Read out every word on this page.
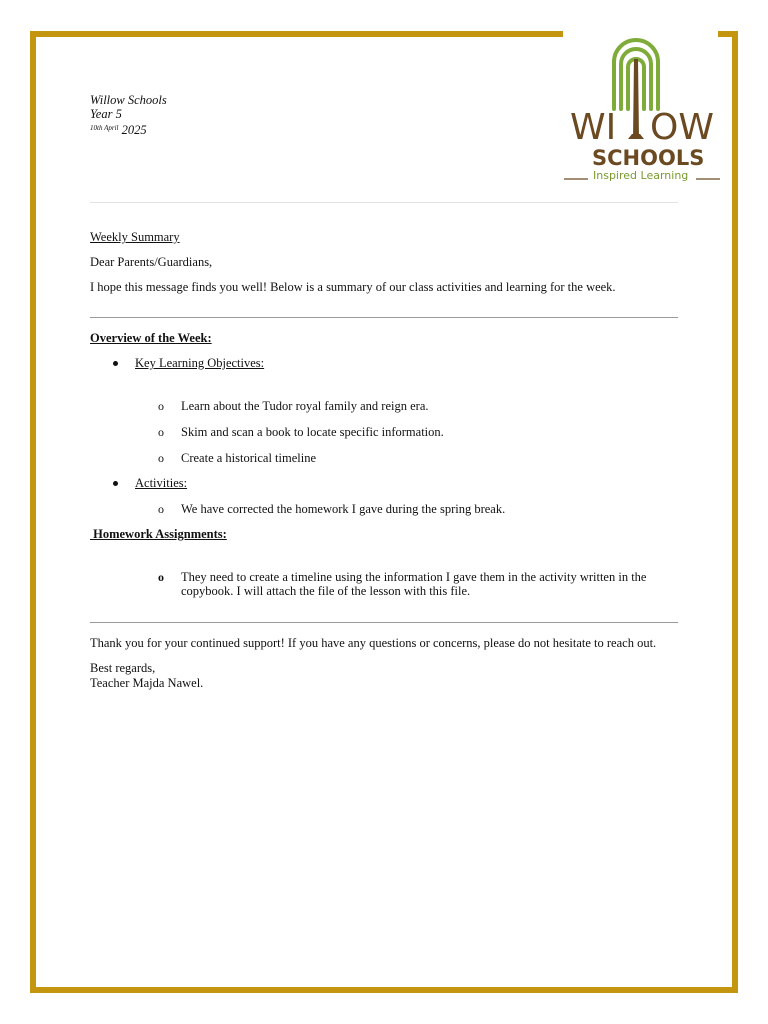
WI OW
SCHOOLS
Inspired Learning
Willow Schools
Year 5
$^{10th April}$ 2025
Weekly Summary
Dear Parents/Guardians,
I hope this message finds you well! Below is a summary of our class activities and learning for the week.
Overview of the Week:
Key Learning Objectives:
o Learn about the Tudor royal family and reign era.
o Skim and scan a book to locate specific information.
o Create a historical timeline
Activities:
o We have corrected the homework I gave during the spring break.
Homework Assignments:
o They need to create a timeline using the information I gave them in the activity written in the copybook. I will attach the file of the lesson with this file.
Thank you for your continued support! If you have any questions or concerns, please do not hesitate to reach out.
Best regards,
Teacher Majda Nawel.
